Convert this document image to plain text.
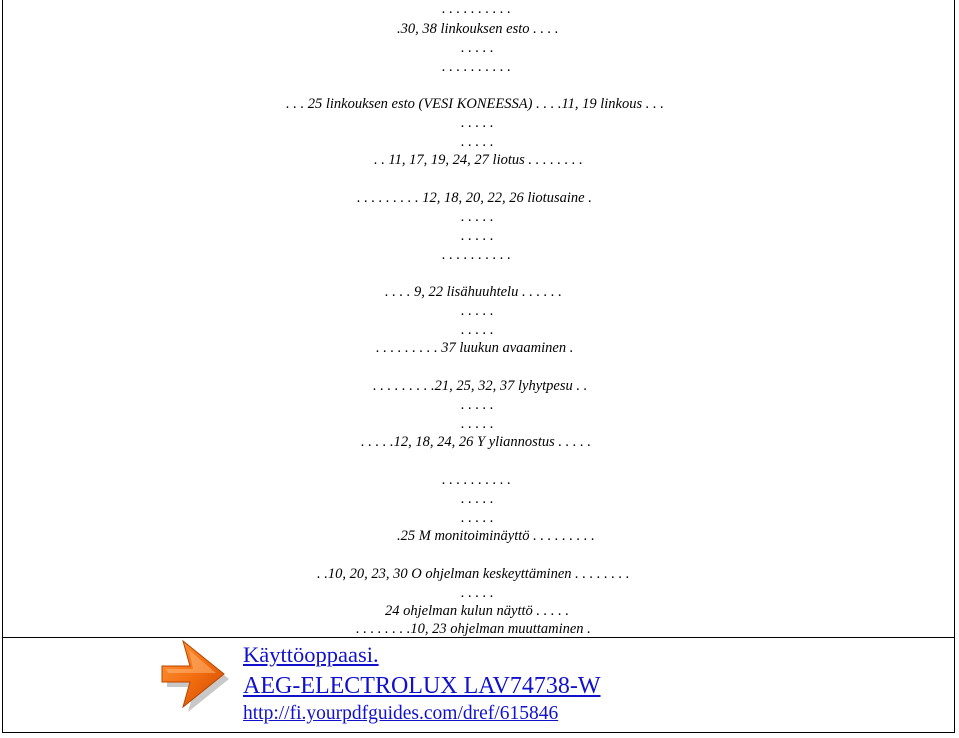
. . . . . . . . . .
.30, 38 linkouksen esto . . . .
. . . . .
. . . . . . . . . .
. . . 25 linkouksen esto (VESI KONEESSA) . . . .11, 19 linkous . . .
. . . . .
. . . . .
. . 11, 17, 19, 24, 27 liotus . . . . . . . .
. . . . . . . . . 12, 18, 20, 22, 26 liotusaine .
. . . . .
. . . . .
. . . . . . . . . .
. . . . 9, 22 lisähuuhtelu . . . . . .
. . . . .
. . . . .
. . . . . . . . . 37 luukun avaaminen .
. . . . . . . . .21, 25, 32, 37 lyhytpesu . .
. . . . .
. . . . .
. . . . .12, 18, 24, 26 Y yliannostus . . . . .
. . . . . . . . . .
. . . . .
. . . . .
.25 M monitoiminäyttö . . . . . . . . .
. .10, 20, 23, 30 O ohjelman keskeyttäminen . . . . . . . .
. . . . .
24 ohjelman kulun näyttö . . . . .
. . . . . . . .10, 23 ohjelman muuttaminen .
Käyttöoppaasi.
AEG-ELECTROLUX LAV74738-W
http://fi.yourpdfguides.com/dref/615846
